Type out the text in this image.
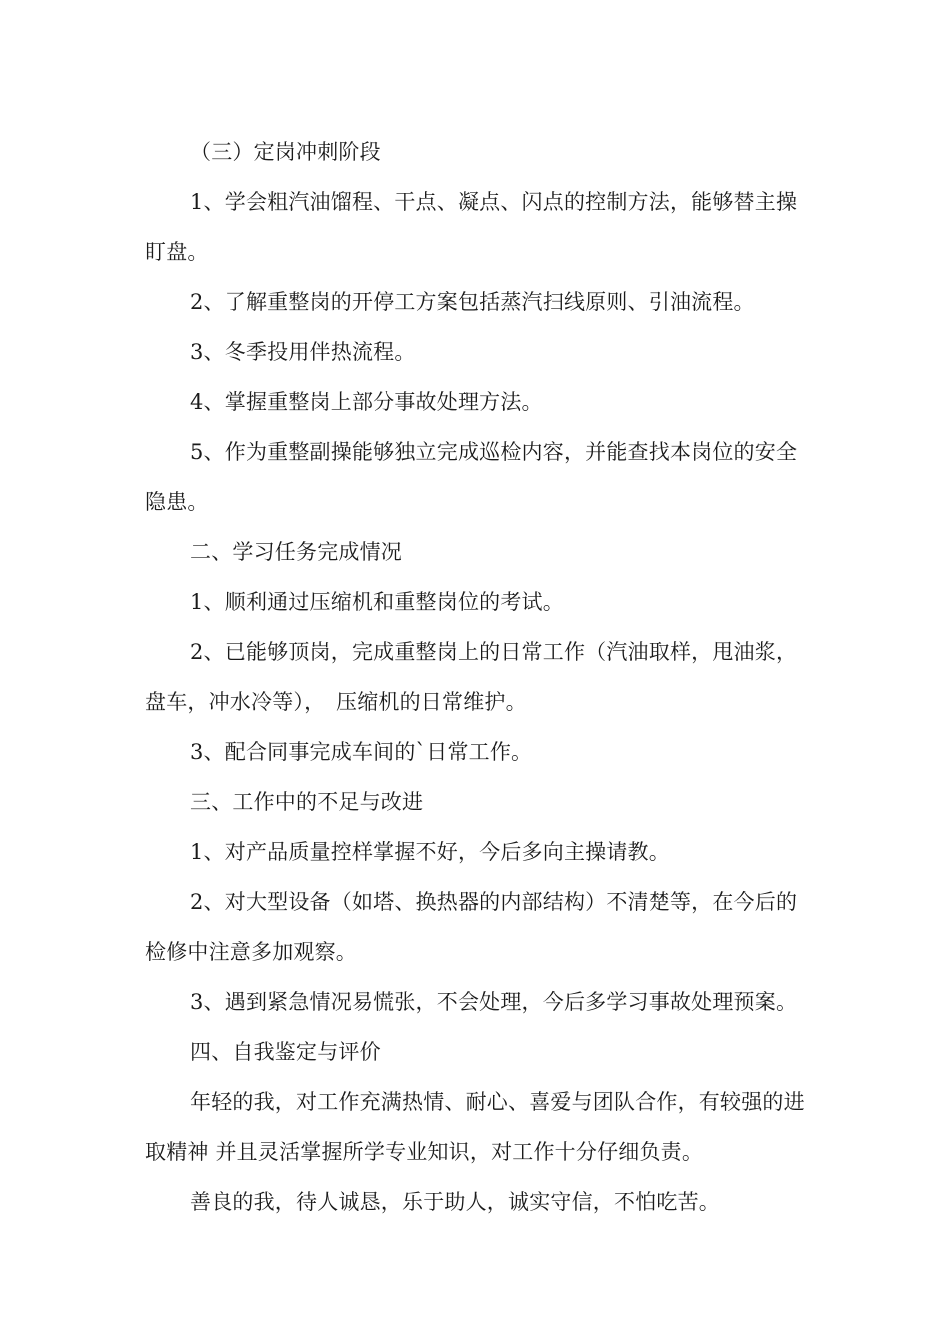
（三）定岗冲刺阶段

1、学会粗汽油馏程、干点、凝点、闪点的控制方法，能够替主操盯盘。

2、了解重整岗的开停工方案包括蒸汽扫线原则、引油流程。

3、冬季投用伴热流程。

4、掌握重整岗上部分事故处理方法。

5、作为重整副操能够独立完成巡检内容，并能查找本岗位的安全隐患。

二、学习任务完成情况

1、顺利通过压缩机和重整岗位的考试。

2、已能够顶岗，完成重整岗上的日常工作（汽油取样，甩油浆，盘车，冲水冷等），　压缩机的日常维护。

3、配合同事完成车间的`日常工作。

三、工作中的不足与改进

1、对产品质量控样掌握不好，今后多向主操请教。

2、对大型设备（如塔、换热器的内部结构）不清楚等，在今后的检修中注意多加观察。

3、遇到紧急情况易慌张，不会处理，今后多学习事故处理预案。

四、自我鉴定与评价

年轻的我，对工作充满热情、耐心、喜爱与团队合作，有较强的进取精神 并且灵活掌握所学专业知识，对工作十分仔细负责。

善良的我，待人诚恳，乐于助人，诚实守信，不怕吃苦。
